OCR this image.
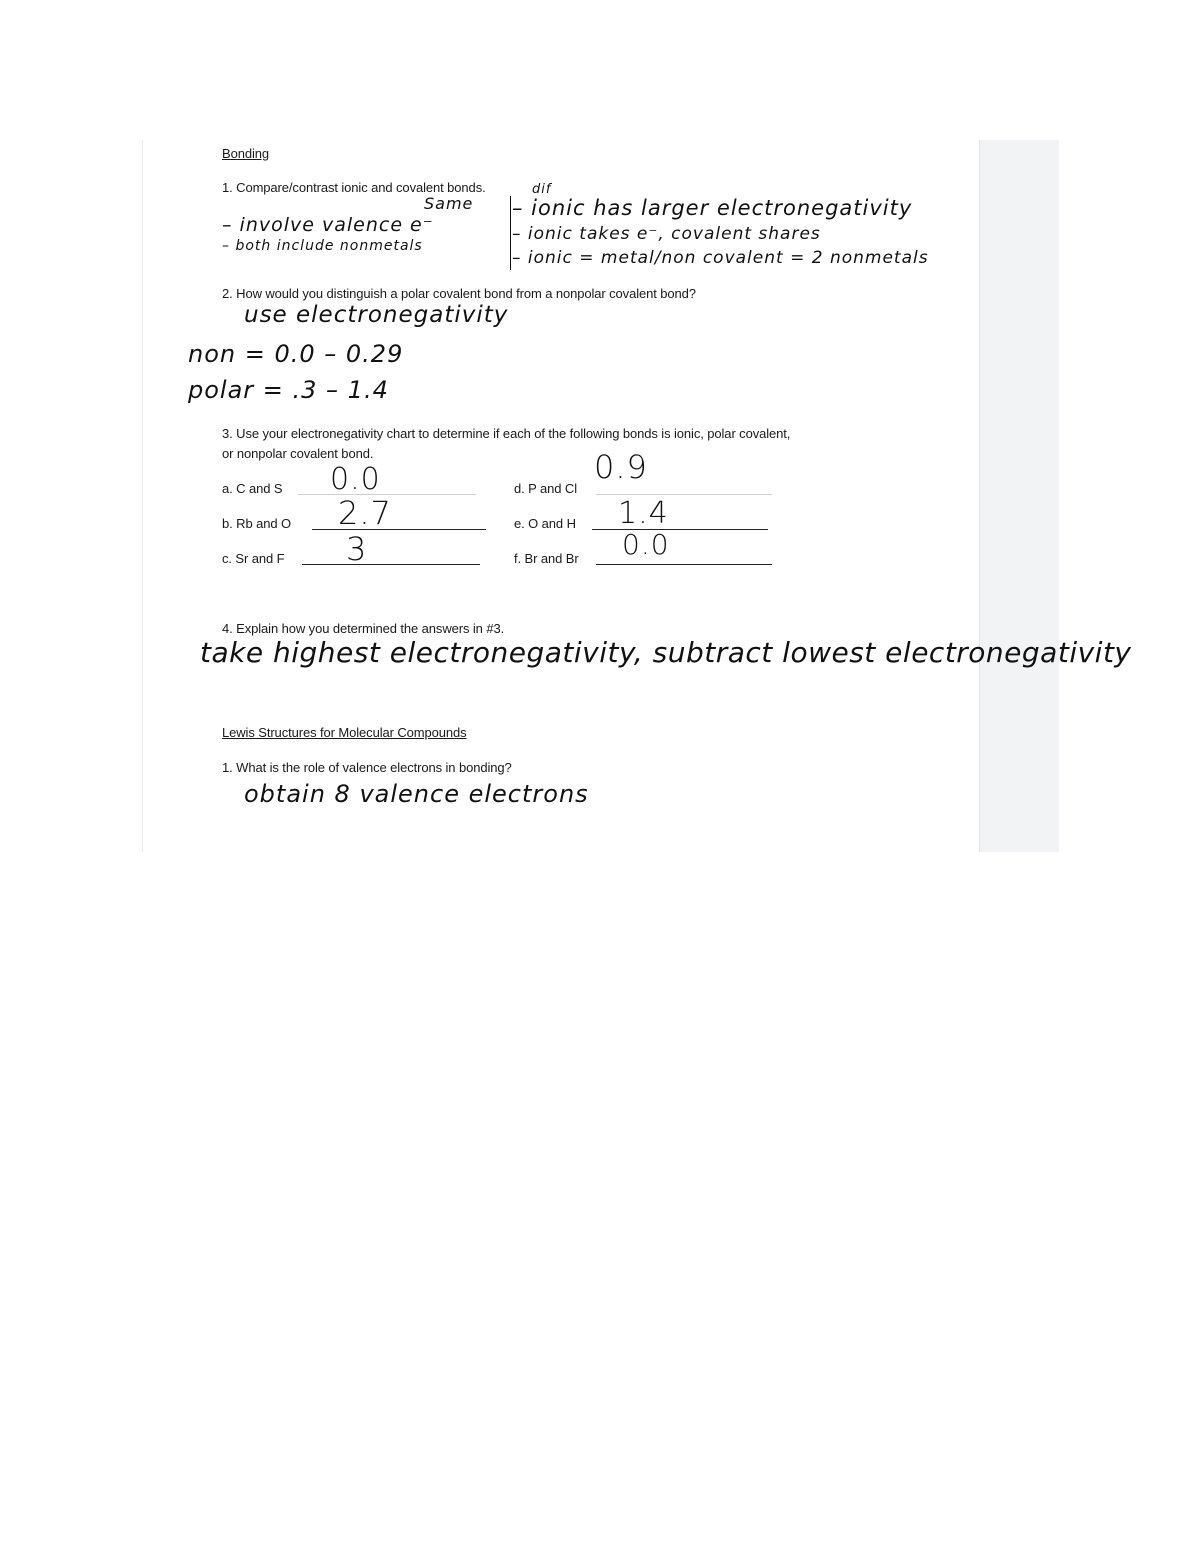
Bonding
1. Compare/contrast ionic and covalent bonds.
Same
– involve valence e⁻
– both include nonmetals
dif
– ionic has larger electronegativity
– ionic takes e⁻, covalent shares
– ionic = metal/non covalent = 2 nonmetals
2. How would you distinguish a polar covalent bond from a nonpolar covalent bond?
use electronegativity
non = 0.0 – 0.29
polar = .3 – 1.4
3. Use your electronegativity chart to determine if each of the following bonds is ionic, polar covalent,
or nonpolar covalent bond.
a. C and S 0.0
b. Rb and O 2.7
c. Sr and F 3
d. P and Cl
0.9
e. O and H 1.4
f. Br and Br 0.0
4. Explain how you determined the answers in #3.
take highest electronegativity, subtract lowest electronegativity
Lewis Structures for Molecular Compounds
1. What is the role of valence electrons in bonding?
obtain 8 valence electrons
